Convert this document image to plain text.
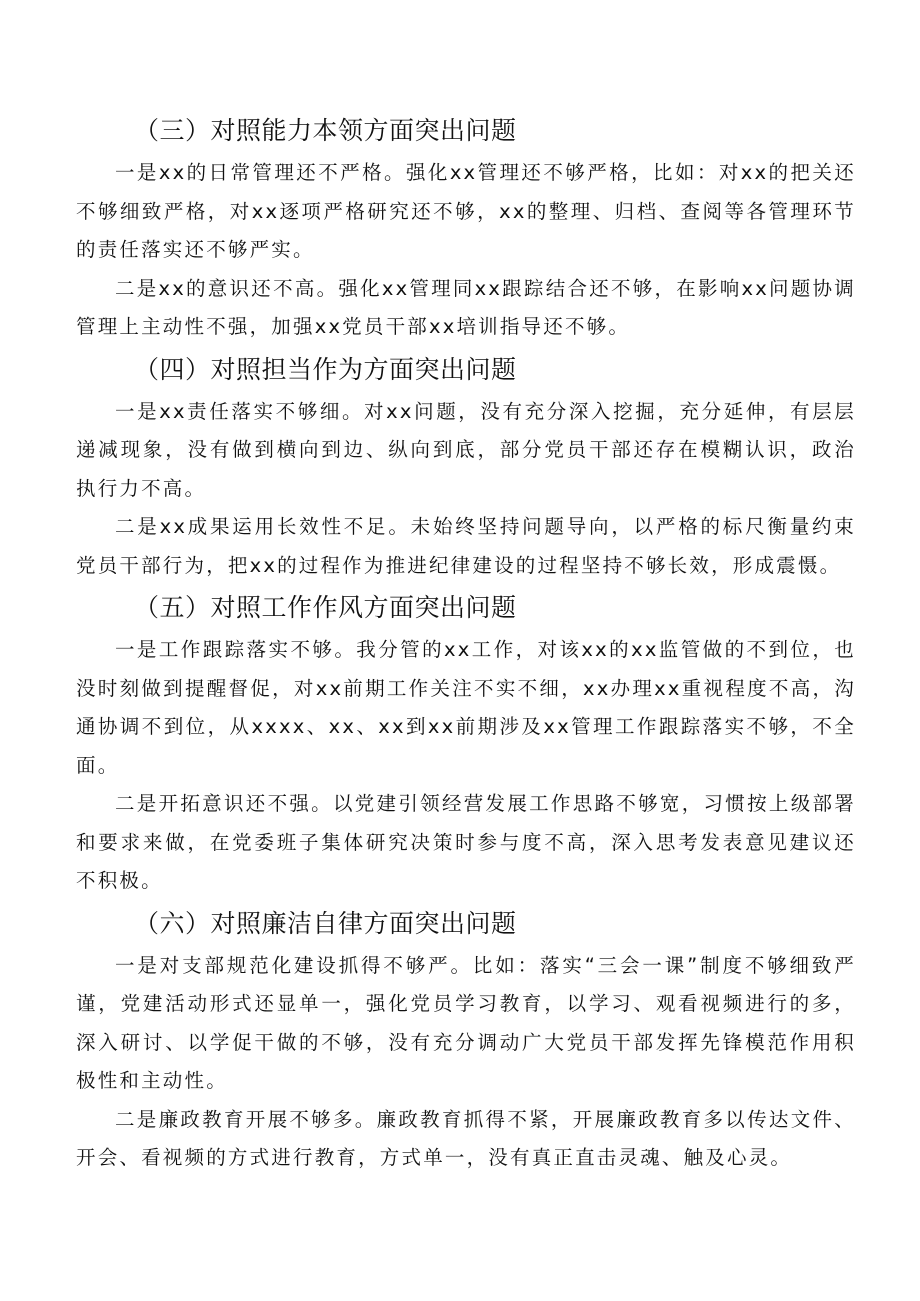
（三）对照能力本领方面突出问题

一是xx的日常管理还不严格。强化xx管理还不够严格，比如：对xx的把关还不够细致严格，对xx逐项严格研究还不够，xx的整理、归档、查阅等各管理环节的责任落实还不够严实。

二是xx的意识还不高。强化xx管理同xx跟踪结合还不够，在影响xx问题协调管理上主动性不强，加强xx党员干部xx培训指导还不够。

（四）对照担当作为方面突出问题

一是xx责任落实不够细。对xx问题，没有充分深入挖掘，充分延伸，有层层递减现象，没有做到横向到边、纵向到底，部分党员干部还存在模糊认识，政治执行力不高。

二是xx成果运用长效性不足。未始终坚持问题导向，以严格的标尺衡量约束党员干部行为，把xx的过程作为推进纪律建设的过程坚持不够长效，形成震慑。

（五）对照工作作风方面突出问题

一是工作跟踪落实不够。我分管的xx工作，对该xx的xx监管做的不到位，也没时刻做到提醒督促，对xx前期工作关注不实不细，xx办理xx重视程度不高，沟通协调不到位，从xxxx、xx、xx到xx前期涉及xx管理工作跟踪落实不够，不全面。

二是开拓意识还不强。以党建引领经营发展工作思路不够宽，习惯按上级部署和要求来做，在党委班子集体研究决策时参与度不高，深入思考发表意见建议还不积极。

（六）对照廉洁自律方面突出问题

一是对支部规范化建设抓得不够严。比如：落实“三会一课”制度不够细致严谨，党建活动形式还显单一，强化党员学习教育，以学习、观看视频进行的多，深入研讨、以学促干做的不够，没有充分调动广大党员干部发挥先锋模范作用积极性和主动性。

二是廉政教育开展不够多。廉政教育抓得不紧，开展廉政教育多以传达文件、开会、看视频的方式进行教育，方式单一，没有真正直击灵魂、触及心灵。
